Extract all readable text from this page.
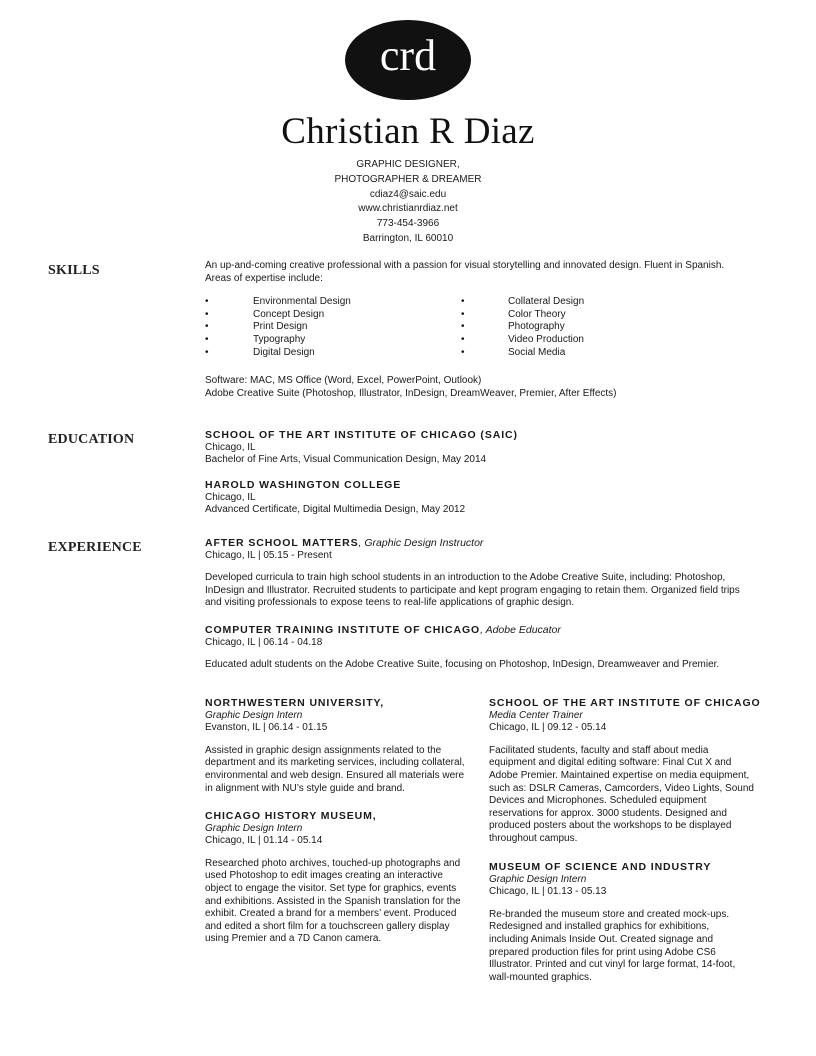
crd
Christian R Diaz
GRAPHIC DESIGNER,
PHOTOGRAPHER & DREAMER
cdiaz4@saic.edu
www.christianrdiaz.net
773-454-3966
Barrington, IL 60010
SKILLS	An up-and-coming creative professional with a passion for visual storytelling and innovated design. Fluent in Spanish. Areas of expertise include:
•	Environmental Design	•	Collateral Design
•	Concept Design	•	Color Theory
•	Print Design	•	Photography
•	Typography	•	Video Production
•	Digital Design	•	Social Media
Software: MAC, MS Office (Word, Excel, PowerPoint, Outlook)
Adobe Creative Suite (Photoshop, Illustrator, InDesign, DreamWeaver, Premier, After Effects)
EDUCATION	SCHOOL OF THE ART INSTITUTE OF CHICAGO (SAIC)
Chicago, IL
Bachelor of Fine Arts, Visual Communication Design, May 2014
HAROLD WASHINGTON COLLEGE
Chicago, IL
Advanced Certificate, Digital Multimedia Design, May 2012
EXPERIENCE	AFTER SCHOOL MATTERS, Graphic Design Instructor
Chicago, IL | 05.15 - Present
Developed curricula to train high school students in an introduction to the Adobe Creative Suite, including: Photoshop, InDesign and Illustrator. Recruited students to participate and kept program engaging to retain them. Organized field trips and visiting professionals to expose teens to real-life applications of graphic design.
COMPUTER TRAINING INSTITUTE OF CHICAGO, Adobe Educator
Chicago, IL | 06.14 - 04.18
Educated adult students on the Adobe Creative Suite, focusing on Photoshop, InDesign, Dreamweaver and Premier.
NORTHWESTERN UNIVERSITY,
Graphic Design Intern
Evanston, IL | 06.14 - 01.15
Assisted in graphic design assignments related to the department and its marketing services, including collateral, environmental and web design. Ensured all materials were in alignment with NU’s style guide and brand.
CHICAGO HISTORY MUSEUM,
Graphic Design Intern
Chicago, IL | 01.14 - 05.14
Researched photo archives, touched-up photographs and used Photoshop to edit images creating an interactive object to engage the visitor. Set type for graphics, events and exhibitions. Assisted in the Spanish translation for the exhibit. Created a brand for a members’ event. Produced and edited a short film for a touchscreen gallery display using Premier and a 7D Canon camera.
SCHOOL OF THE ART INSTITUTE OF CHICAGO
Media Center Trainer
Chicago, IL | 09.12 - 05.14
Facilitated students, faculty and staff about media equipment and digital editing software: Final Cut X and Adobe Premier. Maintained expertise on media equipment, such as: DSLR Cameras, Camcorders, Video Lights, Sound Devices and Microphones. Scheduled equipment reservations for approx. 3000 students. Designed and produced posters about the workshops to be displayed throughout campus.
MUSEUM OF SCIENCE AND INDUSTRY
Graphic Design Intern
Chicago, IL | 01.13 - 05.13
Re-branded the museum store and created mock-ups. Redesigned and installed graphics for exhibitions, including Animals Inside Out. Created signage and prepared production files for print using Adobe CS6 Illustrator. Printed and cut vinyl for large format, 14-foot, wall-mounted graphics.
